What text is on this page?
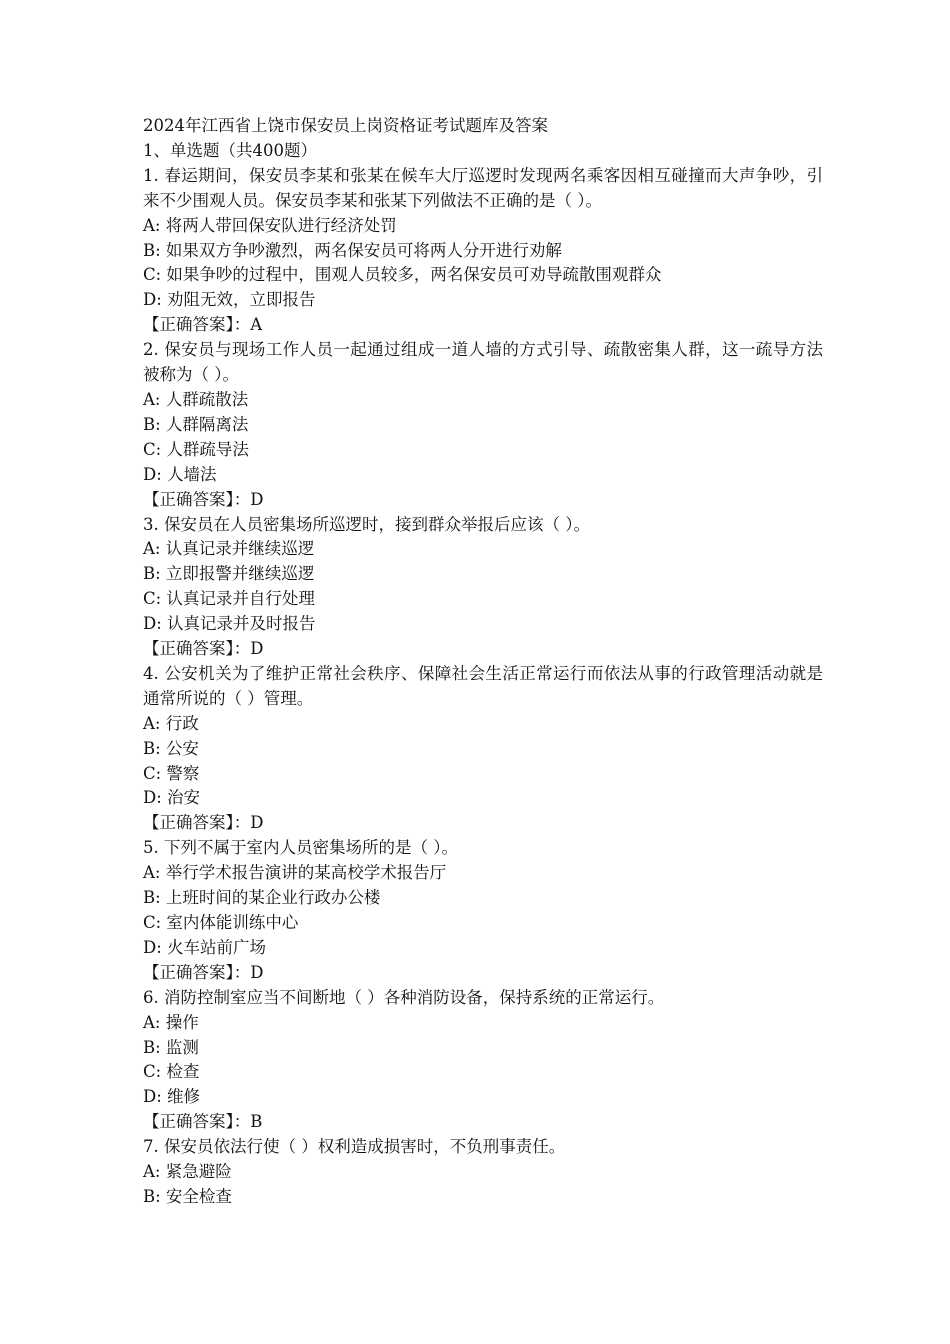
2024年江西省上饶市保安员上岗资格证考试题库及答案
1、单选题（共400题）
1. 春运期间，保安员李某和张某在候车大厅巡逻时发现两名乘客因相互碰撞而大声争吵，引来不少围观人员。保安员李某和张某下列做法不正确的是（ ）。
A: 将两人带回保安队进行经济处罚
B: 如果双方争吵激烈，两名保安员可将两人分开进行劝解
C: 如果争吵的过程中，围观人员较多，两名保安员可劝导疏散围观群众
D: 劝阻无效，立即报告
【正确答案】：A
2. 保安员与现场工作人员一起通过组成一道人墙的方式引导、疏散密集人群，这一疏导方法被称为（ ）。
A: 人群疏散法
B: 人群隔离法
C: 人群疏导法
D: 人墙法
【正确答案】：D
3. 保安员在人员密集场所巡逻时，接到群众举报后应该（ ）。
A: 认真记录并继续巡逻
B: 立即报警并继续巡逻
C: 认真记录并自行处理
D: 认真记录并及时报告
【正确答案】：D
4. 公安机关为了维护正常社会秩序、保障社会生活正常运行而依法从事的行政管理活动就是通常所说的（ ）管理。
A: 行政
B: 公安
C: 警察
D: 治安
【正确答案】：D
5. 下列不属于室内人员密集场所的是（ ）。
A: 举行学术报告演讲的某高校学术报告厅
B: 上班时间的某企业行政办公楼
C: 室内体能训练中心
D: 火车站前广场
【正确答案】：D
6. 消防控制室应当不间断地（ ）各种消防设备，保持系统的正常运行。
A: 操作
B: 监测
C: 检查
D: 维修
【正确答案】：B
7. 保安员依法行使（ ）权利造成损害时，不负刑事责任。
A: 紧急避险
B: 安全检查
